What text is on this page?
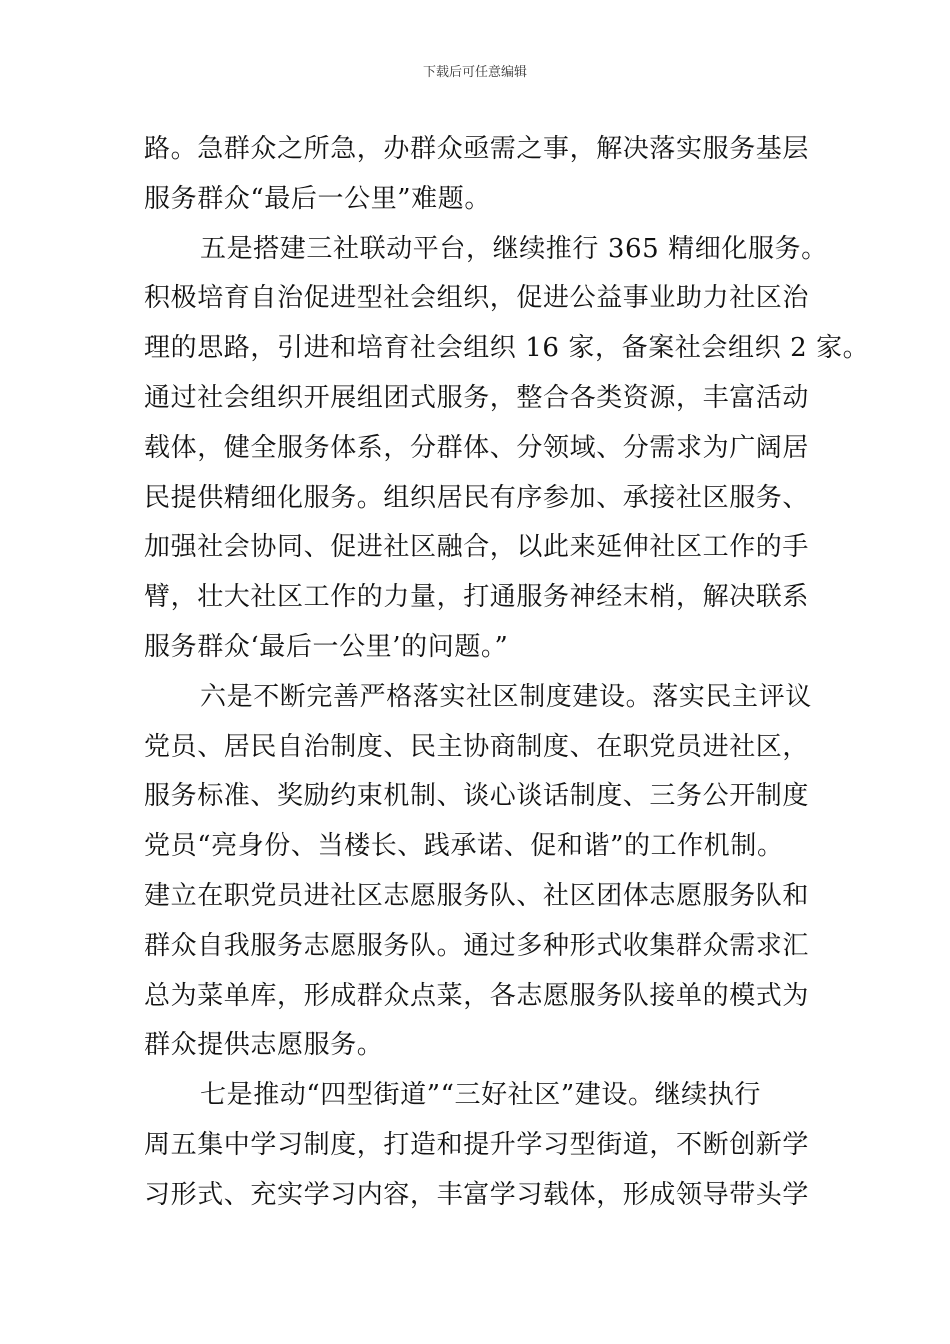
下载后可任意编辑
路。急群众之所急，办群众亟需之事，解决落实服务基层
服务群众“最后一公里”难题。
五是搭建三社联动平台，继续推行 365 精细化服务。
积极培育自治促进型社会组织，促进公益事业助力社区治
理的思路，引进和培育社会组织 16 家，备案社会组织 2 家。
通过社会组织开展组团式服务，整合各类资源，丰富活动
载体，健全服务体系，分群体、分领域、分需求为广阔居
民提供精细化服务。组织居民有序参加、承接社区服务、
加强社会协同、促进社区融合，以此来延伸社区工作的手
臂，壮大社区工作的力量，打通服务神经末梢，解决联系
服务群众‘最后一公里’的问题。”
六是不断完善严格落实社区制度建设。落实民主评议
党员、居民自治制度、民主协商制度、在职党员进社区，
服务标准、奖励约束机制、谈心谈话制度、三务公开制度
党员“亮身份、当楼长、践承诺、促和谐”的工作机制。
建立在职党员进社区志愿服务队、社区团体志愿服务队和
群众自我服务志愿服务队。通过多种形式收集群众需求汇
总为菜单库，形成群众点菜，各志愿服务队接单的模式为
群众提供志愿服务。
七是推动“四型街道”“三好社区”建设。继续执行
周五集中学习制度，打造和提升学习型街道，不断创新学
习形式、充实学习内容，丰富学习载体，形成领导带头学
